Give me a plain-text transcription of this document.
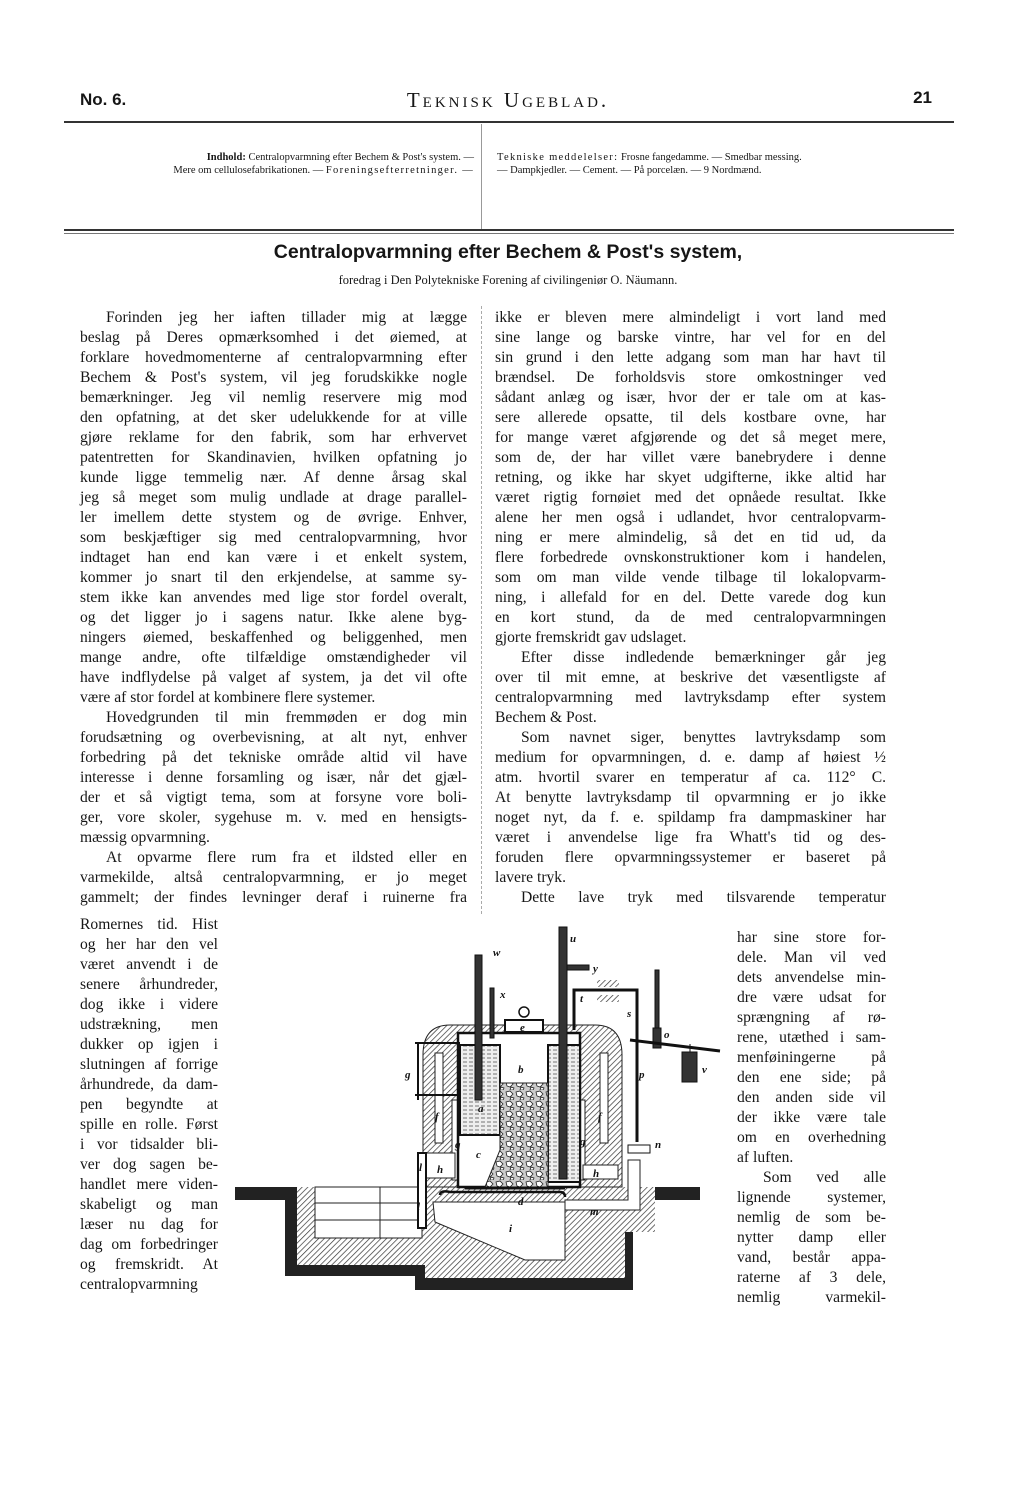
No. 6.	Teknisk Ugeblad.	21
Indhold: Centralopvarmning efter Bechem & Post's system. —
Mere om cellulosefabrikationen. — Foreningsefterretninger. —
Tekniske meddelelser: Frosne fangedamme. — Smedbar messing.
— Dampkjedler. — Cement. — På porcelæn. — 9 Nordmænd.
Centralopvarmning efter Bechem & Post's system,
foredrag i Den Polytekniske Forening af civilingeniør O. Näumann.
Forinden jeg her iaften tillader mig at lægge
beslag på Deres opmærksomhed i det øiemed, at
forklare hovedmomenterne af centralopvarmning efter
Bechem & Post's system, vil jeg forudskikke nogle
bemærkninger. Jeg vil nemlig reservere mig mod
den opfatning, at det sker udelukkende for at ville
gjøre reklame for den fabrik, som har erhvervet
patentretten for Skandinavien, hvilken opfatning jo
kunde ligge temmelig nær. Af denne årsag skal
jeg så meget som mulig undlade at drage parallel-
ler imellem dette stystem og de øvrige. Enhver,
som beskjæftiger sig med centralopvarmning, hvor
indtaget han end kan være i et enkelt system,
kommer jo snart til den erkjendelse, at samme sy-
stem ikke kan anvendes med lige stor fordel overalt,
og det ligger jo i sagens natur. Ikke alene byg-
ningers øiemed, beskaffenhed og beliggenhed, men
mange andre, ofte tilfældige omstændigheder vil
have indflydelse på valget af system, ja det vil ofte
være af stor fordel at kombinere flere systemer.
Hovedgrunden til min fremmøden er dog min
forudsætning og overbevisning, at alt nyt, enhver
forbedring på det tekniske område altid vil have
interesse i denne forsamling og især, når det gjæl-
der et så vigtigt tema, som at forsyne vore boli-
ger, vore skoler, sygehuse m. v. med en hensigts-
mæssig opvarmning.
At opvarme flere rum fra et ildsted eller en
varmekilde, altså centralopvarmning, er jo meget
gammelt; der findes levninger deraf i ruinerne fra
Romernes tid. Hist
og her har den vel
været anvendt i de
senere århundreder,
dog ikke i videre
udstrækning, men
dukker op igjen i
slutningen af forrige
århundrede, da dam-
pen begyndte at
spille en rolle. Først
i vor tidsalder bli-
ver dog sagen be-
handlet mere viden-
skabeligt og man
læser nu dag for
dag om forbedringer
og fremskridt. At
centralopvarmning
ikke er bleven mere almindeligt i vort land med
sine lange og barske vintre, har vel for en del
sin grund i den lette adgang som man har havt til
brændsel. De forholdsvis store omkostninger ved
sådant anlæg og især, hvor der er tale om at kas-
sere allerede opsatte, til dels kostbare ovne, har
for mange været afgjørende og det så meget mere,
som de, der har villet være banebrydere i denne
retning, og ikke har skyet udgifterne, ikke altid har
været rigtig fornøiet med det opnåede resultat. Ikke
alene her men også i udlandet, hvor centralopvarm-
ning er mere almindelig, så det en tid ud, da
flere forbedrede ovnskonstruktioner kom i handelen,
som om man vilde vende tilbage til lokalopvarm-
ning, i allefald for en del. Dette varede dog kun
en kort stund, da de med centralopvarmningen
gjorte fremskridt gav udslaget.
Efter disse indledende bemærkninger går jeg
over til mit emne, at beskrive det væsentligste af
centralopvarmning med lavtryksdamp efter system
Bechem & Post.
Som navnet siger, benyttes lavtryksdamp som
medium for opvarmningen, d. e. damp af høiest ½
atm. hvortil svarer en temperatur af ca. 112° C.
At benytte lavtryksdamp til opvarmning er jo ikke
noget nyt, da f. e. spildamp fra dampmaskiner har
været i anvendelse lige fra Whatt's tid og des-
foruden flere opvarmningssystemer er baseret på
lavere tryk.
Dette lave tryk med tilsvarende temperatur
har sine store for-
dele. Man vil ved
dets anvendelse min-
dre være udsat for
sprængning af rø-
rene, utæthed i sam-
menføiningerne på
den ene side; på
den anden side vil
der ikke være tale
om en overhedning
af luften.
Som ved alle
lignende systemer,
nemlig de som be-
nytter damp eller
vand, består appa-
raterne af 3 dele,
nemlig varmekil-
u
w
y
x	t
s
e
o
b	v
p
g
a
f	f
g	g
c
h	h
l
l
n
d
m
i
